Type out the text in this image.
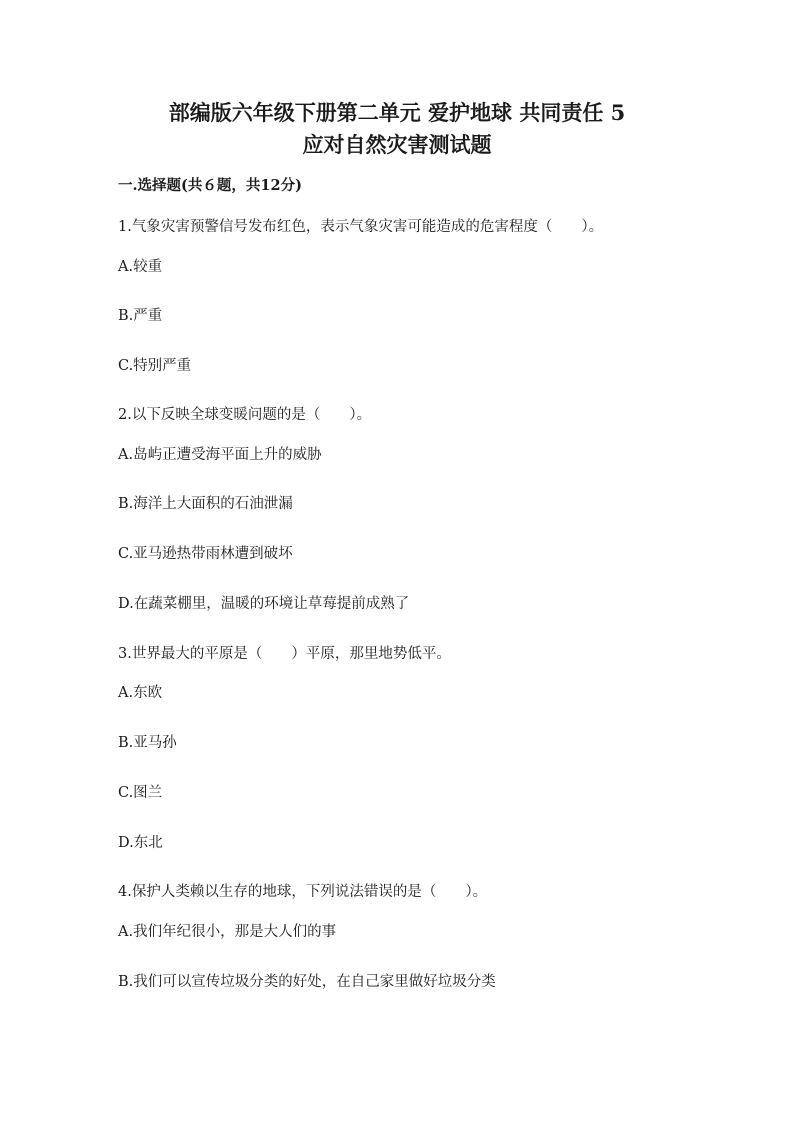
部编版六年级下册第二单元 爱护地球 共同责任 5
应对自然灾害测试题

一.选择题(共６题，共12分)

1.气象灾害预警信号发布红色，表示气象灾害可能造成的危害程度（　　）。

A.较重

B.严重

C.特别严重

2.以下反映全球变暖问题的是（　　）。

A.岛屿正遭受海平面上升的威胁

B.海洋上大面积的石油泄漏

C.亚马逊热带雨林遭到破坏

D.在蔬菜棚里，温暖的环境让草莓提前成熟了

3.世界最大的平原是（　　）平原，那里地势低平。

A.东欧

B.亚马孙

C.图兰

D.东北

4.保护人类赖以生存的地球，下列说法错误的是（　　）。

A.我们年纪很小，那是大人们的事

B.我们可以宣传垃圾分类的好处，在自己家里做好垃圾分类
